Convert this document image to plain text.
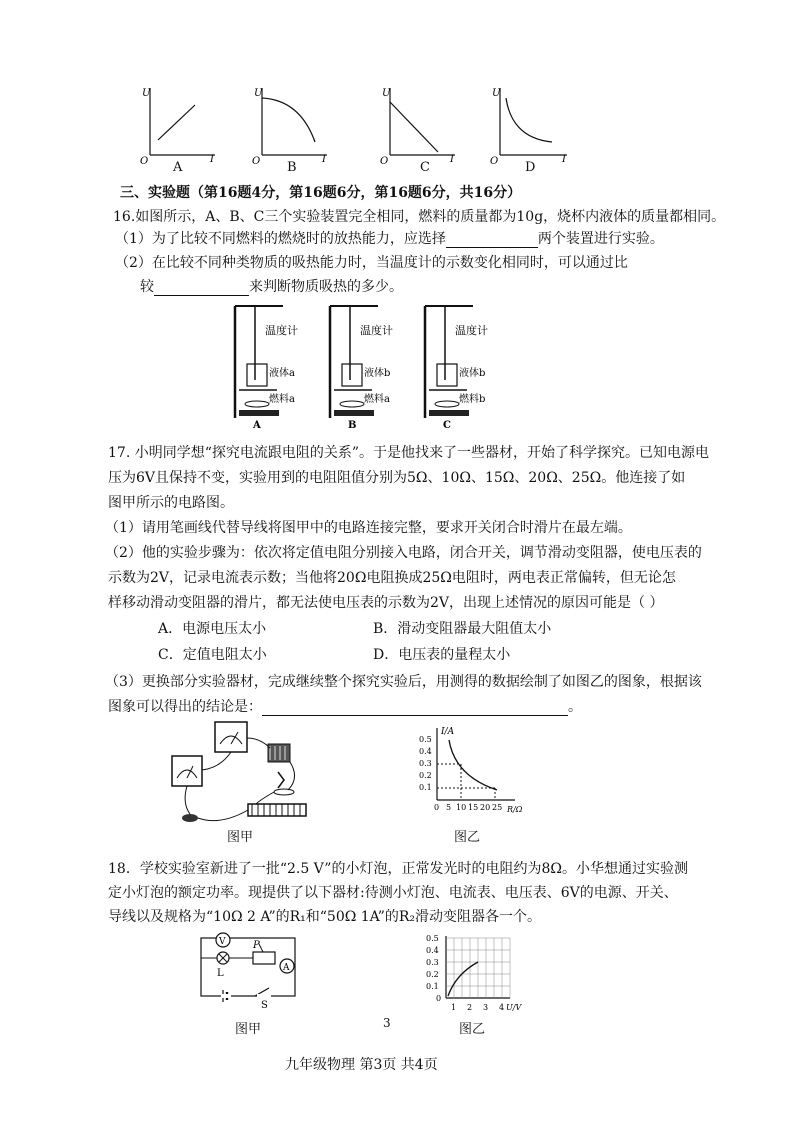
U
O	I
U
O	I
U
O	I
U
O	I
A	B	C	D
三、实验题（第16题4分，第16题6分，第16题6分，共16分）
16.如图所示，A、B、C三个实验装置完全相同，燃料的质量都为10g，烧杯内液体的质量都相同。
（1）为了比较不同燃料的燃烧时的放热能力，应选择	两个装置进行实验。
（2）在比较不同种类物质的吸热能力时，当温度计的示数变化相同时，可以通过比
较	来判断物质吸热的多少。
温度计
液体a
燃料a
A
温度计
液体b
燃料a
B
温度计
液体b
燃料b
C
17. 小明同学想“探究电流跟电阻的关系”。于是他找来了一些器材，开始了科学探究。已知电源电
压为6V且保持不变，实验用到的电阻阻值分别为5Ω、10Ω、15Ω、20Ω、25Ω。他连接了如
图甲所示的电路图。
（1）请用笔画线代替导线将图甲中的电路连接完整，要求开关闭合时滑片在最左端。
（2）他的实验步骤为：依次将定值电阻分别接入电路，闭合开关，调节滑动变阻器，使电压表的
示数为2V，记录电流表示数；当他将20Ω电阻换成25Ω电阻时，两电表正常偏转，但无论怎
样移动滑动变阻器的滑片，都无法使电压表的示数为2V，出现上述情况的原因可能是（ ）
A．电源电压太小	B．滑动变阻器最大阻值太小
C．定值电阻太小	D．电压表的量程太小
（3）更换部分实验器材，完成继续整个探究实验后，用测得的数据绘制了如图乙的图象，根据该
图象可以得出的结论是：	。
图甲
I/A
R/Ω
0.5
0.4
0.3
0.2
0.1
0 5 10 15 20 25
图乙
18．学校实验室新进了一批“2.5 V”的小灯泡，正常发光时的电阻约为8Ω。小华想通过实验测
定小灯泡的额定功率。现提供了以下器材:待测小灯泡、电流表、电压表、6V的电源、开关、
导线以及规格为“10Ω 2 A”的R₁和“50Ω 1A”的R₂滑动变阻器各一个。
V	P
A
L
S
图甲
0.5
0.4
0.3
0.2
0.1
0
1 2 3 4 U/V
图乙
3
九年级物理 第3页 共4页
